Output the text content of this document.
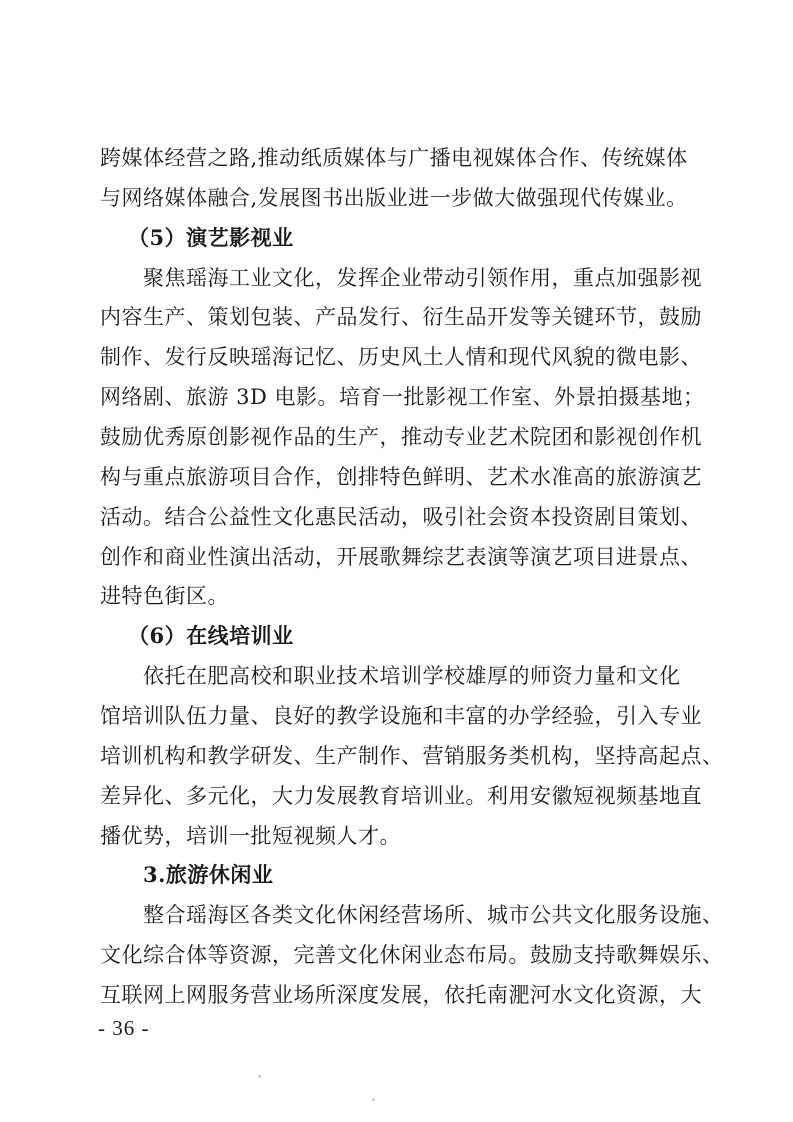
跨媒体经营之路,推动纸质媒体与广播电视媒体合作、传统媒体
与网络媒体融合,发展图书出版业进一步做大做强现代传媒业。
（5）演艺影视业
聚焦瑶海工业文化，发挥企业带动引领作用，重点加强影视
内容生产、策划包装、产品发行、衍生品开发等关键环节，鼓励
制作、发行反映瑶海记忆、历史风土人情和现代风貌的微电影、
网络剧、旅游 3D 电影。培育一批影视工作室、外景拍摄基地；
鼓励优秀原创影视作品的生产，推动专业艺术院团和影视创作机
构与重点旅游项目合作，创排特色鲜明、艺术水准高的旅游演艺
活动。结合公益性文化惠民活动，吸引社会资本投资剧目策划、
创作和商业性演出活动，开展歌舞综艺表演等演艺项目进景点、
进特色街区。
（6）在线培训业
依托在肥高校和职业技术培训学校雄厚的师资力量和文化
馆培训队伍力量、良好的教学设施和丰富的办学经验，引入专业
培训机构和教学研发、生产制作、营销服务类机构，坚持高起点、
差异化、多元化，大力发展教育培训业。利用安徽短视频基地直
播优势，培训一批短视频人才。
3.旅游休闲业
整合瑶海区各类文化休闲经营场所、城市公共文化服务设施、
文化综合体等资源，完善文化休闲业态布局。鼓励支持歌舞娱乐、
互联网上网服务营业场所深度发展，依托南淝河水文化资源，大
- 36 -
